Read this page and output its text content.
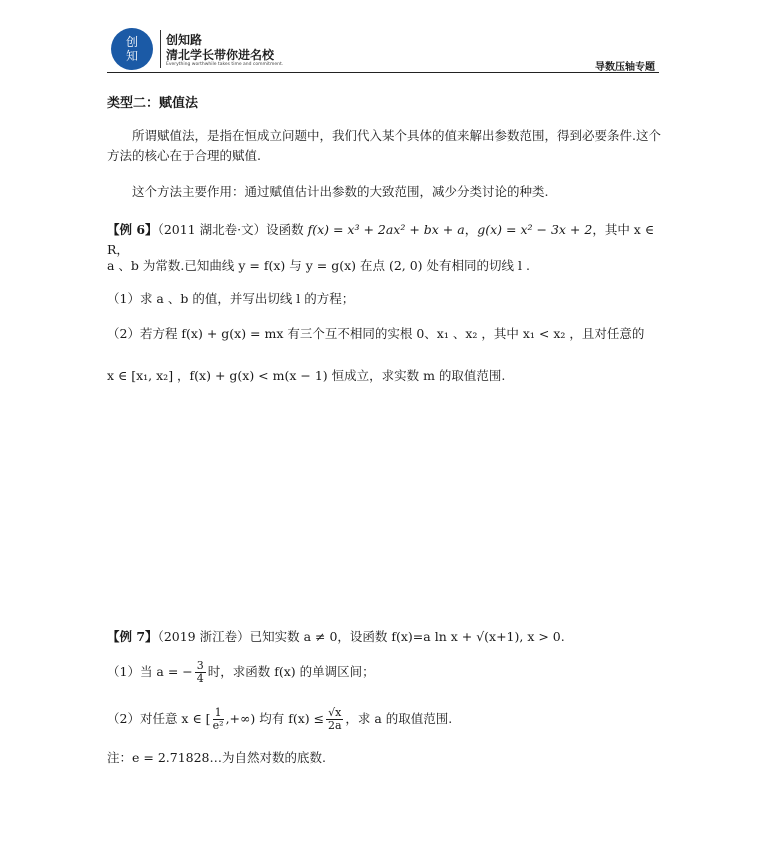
创
知
创知路
清北学长带你进名校
Everything worthwhile takes time and commitment.	导数压轴专题
类型二：赋值法
所谓赋值法，是指在恒成立问题中，我们代入某个具体的值来解出参数范围，得到必要条件.这个方法的核心在于合理的赋值.
这个方法主要作用：通过赋值估计出参数的大致范围，减少分类讨论的种类.
【例 6】（2011 湖北卷·文）设函数 f(x) = x³ + 2ax² + bx + a，g(x) = x² − 3x + 2，其中 x ∈ R，
a 、b 为常数.已知曲线 y = f(x) 与 y = g(x) 在点 (2, 0) 处有相同的切线 l .
（1）求 a 、b 的值，并写出切线 l 的方程；
（2）若方程 f(x) + g(x) = mx 有三个互不相同的实根 0、x₁ 、x₂ ，其中 x₁ < x₂ ，且对任意的
x ∈ [x₁, x₂] ，f(x) + g(x) < m(x − 1) 恒成立，求实数 m 的取值范围.
【例 7】（2019 浙江卷）已知实数 a ≠ 0，设函数 f(x)=a ln x + √(x+1), x > 0.
（1）当 a = − $\frac{3}{4}$ 时，求函数 f(x) 的单调区间；
（2）对任意 x ∈ [ $\frac{1}{\text{e²}}$ ,+∞) 均有 $f(x) \le \frac{√x}{2a}$ ，求 a 的取值范围.
注：e = 2.71828…为自然对数的底数.
